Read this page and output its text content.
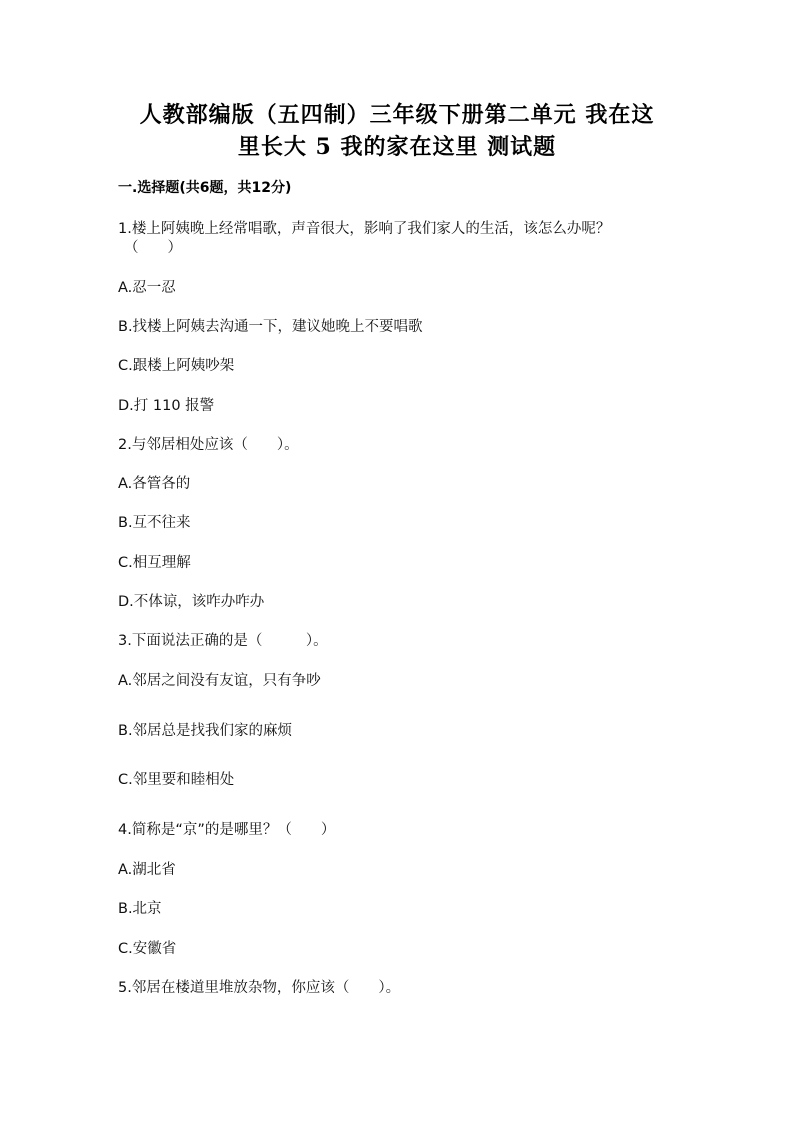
人教部编版（五四制）三年级下册第二单元 我在这
里长大 5 我的家在这里 测试题
一.选择题(共6题，共12分)
1.楼上阿姨晚上经常唱歌，声音很大，影响了我们家人的生活，该怎么办呢？
（　　）
A.忍一忍
B.找楼上阿姨去沟通一下，建议她晚上不要唱歌
C.跟楼上阿姨吵架
D.打 110 报警
2.与邻居相处应该（　　）。
A.各管各的
B.互不往来
C.相互理解
D.不体谅，该咋办咋办
3.下面说法正确的是（　　　）。
A.邻居之间没有友谊，只有争吵
B.邻居总是找我们家的麻烦
C.邻里要和睦相处
4.简称是“京”的是哪里？（　　）
A.湖北省
B.北京
C.安徽省
5.邻居在楼道里堆放杂物，你应该（　　）。
